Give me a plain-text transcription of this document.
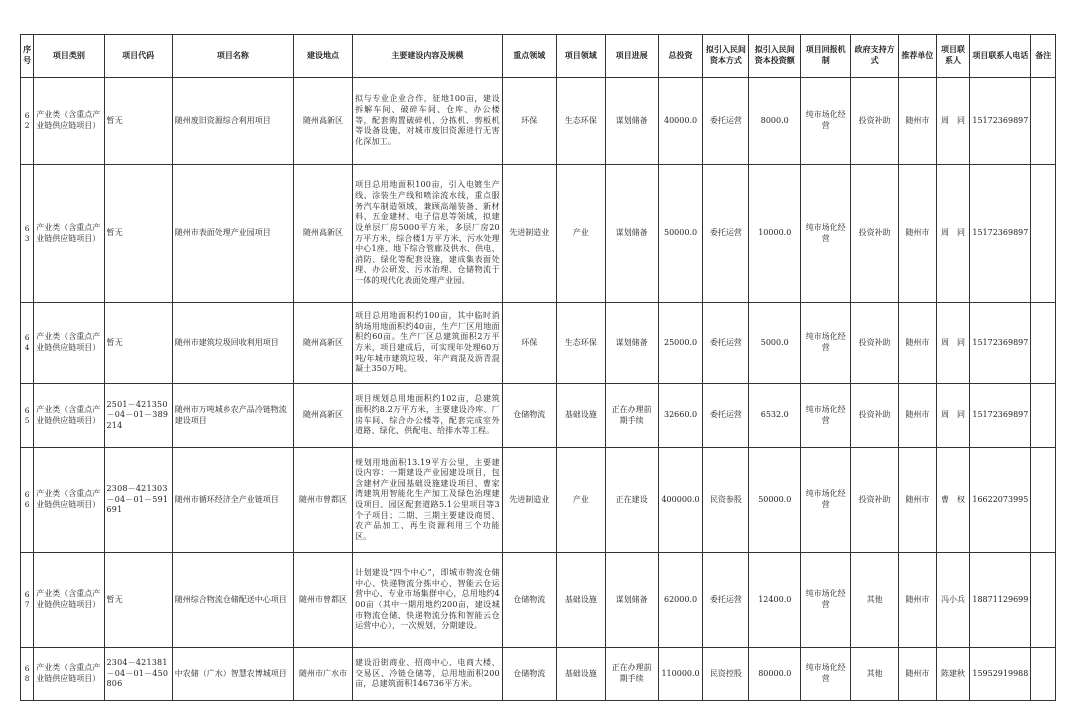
序号	项目类别	项目代码	项目名称	建设地点	主要建设内容及规模	重点领域	项目领域	项目进展	总投资	拟引入民间资本方式	拟引入民间资本投资额	项目回报机制	政府支持方式	推荐单位	项目联系人	项目联系人电话	备注
62	产业类（含重点产业链供应链项目）	暂无	随州废旧资源综合利用项目	随州高新区	拟与专业企业合作，征地100亩，建设拆解车间、破碎车间、仓库、办公楼等，配套购置破碎机、分拣机、剪板机等设备设施，对城市废旧资源进行无害化深加工。	环保	生态环保	谋划储备	40000.0	委托运营	8000.0	纯市场化经营	投资补助	随州市	周　同	15172369897	
63	产业类（含重点产业链供应链项目）	暂无	随州市表面处理产业园项目	随州高新区	项目总用地面积100亩，引入电镀生产线、涂装生产线和喷涂流水线，重点服务汽车制造领域，兼顾高端装备、新材料、五金建材、电子信息等领域，拟建设单层厂房5000平方米，多层厂房20万平方米，综合楼1万平方米、污水处理中心1座、地下综合管廊及供水、供电、消防、绿化等配套设施，建成集表面处理、办公研发、污水治理、仓储物流于一体的现代化表面处理产业园。	先进制造业	产业	谋划储备	50000.0	委托运营	10000.0	纯市场化经营	投资补助	随州市	周　同	15172369897	
64	产业类（含重点产业链供应链项目）	暂无	随州市建筑垃圾回收利用项目	随州高新区	项目总用地面积约100亩，其中临时消纳场用地面积约40亩，生产厂区用地面积约60亩。生产厂区总建筑面积2万平方米，项目建成后，可实现年处理60万吨/年城市建筑垃圾、年产商混及沥青混凝土350万吨。	环保	生态环保	谋划储备	25000.0	委托运营	5000.0	纯市场化经营	投资补助	随州市	周　同	15172369897	
65	产业类（含重点产业链供应链项目）	2501－421350－04－01－389214	随州市万吨城乡农产品冷链物流建设项目	随州高新区	项目规划总用地面积约102亩，总建筑面积约8.2万平方米，主要建设冷库、厂房车间、综合办公楼等，配套完成室外道路、绿化、供配电、给排水等工程。	仓储物流	基础设施	正在办理前期手续	32660.0	委托运营	6532.0	纯市场化经营	投资补助	随州市	周　同	15172369897	
66	产业类（含重点产业链供应链项目）	2308－421303－04－01－591691	随州市循环经济全产业链项目	随州市曾都区	规划用地面积13.19平方公里，主要建设内容：一期建设产业园建设项目，包含建材产业园基础设施建设项目、曹家湾建筑用智能化生产加工及绿色治理建设项目、园区配套道路5.1公里项目等3个子项目；二期、三期主要建设商贸、农产品加工、再生资源利用三个功能区。	先进制造业	产业	正在建设	400000.0	民资参股	50000.0	纯市场化经营	投资补助	随州市	曹　权	16622073995	
67	产业类（含重点产业链供应链项目）	暂无	随州综合物流仓储配送中心项目	随州市曾都区	计划建设“四个中心”，即城市物流仓储中心、快递物流分拣中心、智能云仓运营中心、专业市场集群中心，总用地约400亩（其中一期用地约200亩，建设城市物流仓储、快递物流分拣和智能云仓运营中心），一次规划，分期建设。	仓储物流	基础设施	谋划储备	62000.0	委托运营	12400.0	纯市场化经营	其他	随州市	冯小兵	18871129699	
68	产业类（含重点产业链供应链项目）	2304－421381－04－01－450806	中农储（广水）智慧农博城项目	随州市广水市	建设沿街商业、招商中心、电商大楼、交易区、冷链仓储等，总用地面积200亩，总建筑面积146736平方米。	仓储物流	基础设施	正在办理前期手续	110000.0	民资控股	80000.0	纯市场化经营	其他	随州市	陈建秋	15952919988	
